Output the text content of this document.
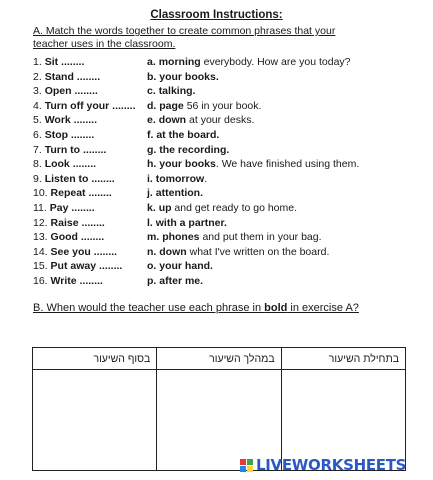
Classroom Instructions:
A. Match the words together to create common phrases that your teacher uses in the classroom.
1. Sit ........	a. morning everybody. How are you today?
2. Stand ........	b. your books.
3. Open ........	c. talking.
4. Turn off your ........ d. page 56 in your book.
5. Work ........	e. down at your desks.
6. Stop ........	f. at the board.
7. Turn to ........	g. the recording.
8. Look ........	h. your books. We have finished using them.
9. Listen to ........	i. tomorrow.
10. Repeat ........	j. attention.
11. Pay ........	k. up and get ready to go home.
12. Raise ........	l. with a partner.
13. Good ........	m. phones and put them in your bag.
14. See you ........	n. down what I've written on the board.
15. Put away ........ o. your hand.
16. Write ........	p. after me.
B. When would the teacher use each phrase in bold in exercise A?
בסוף השיעור	במהלך השיעור	בתחילת השיעור

LIVEWORKSHEETS
